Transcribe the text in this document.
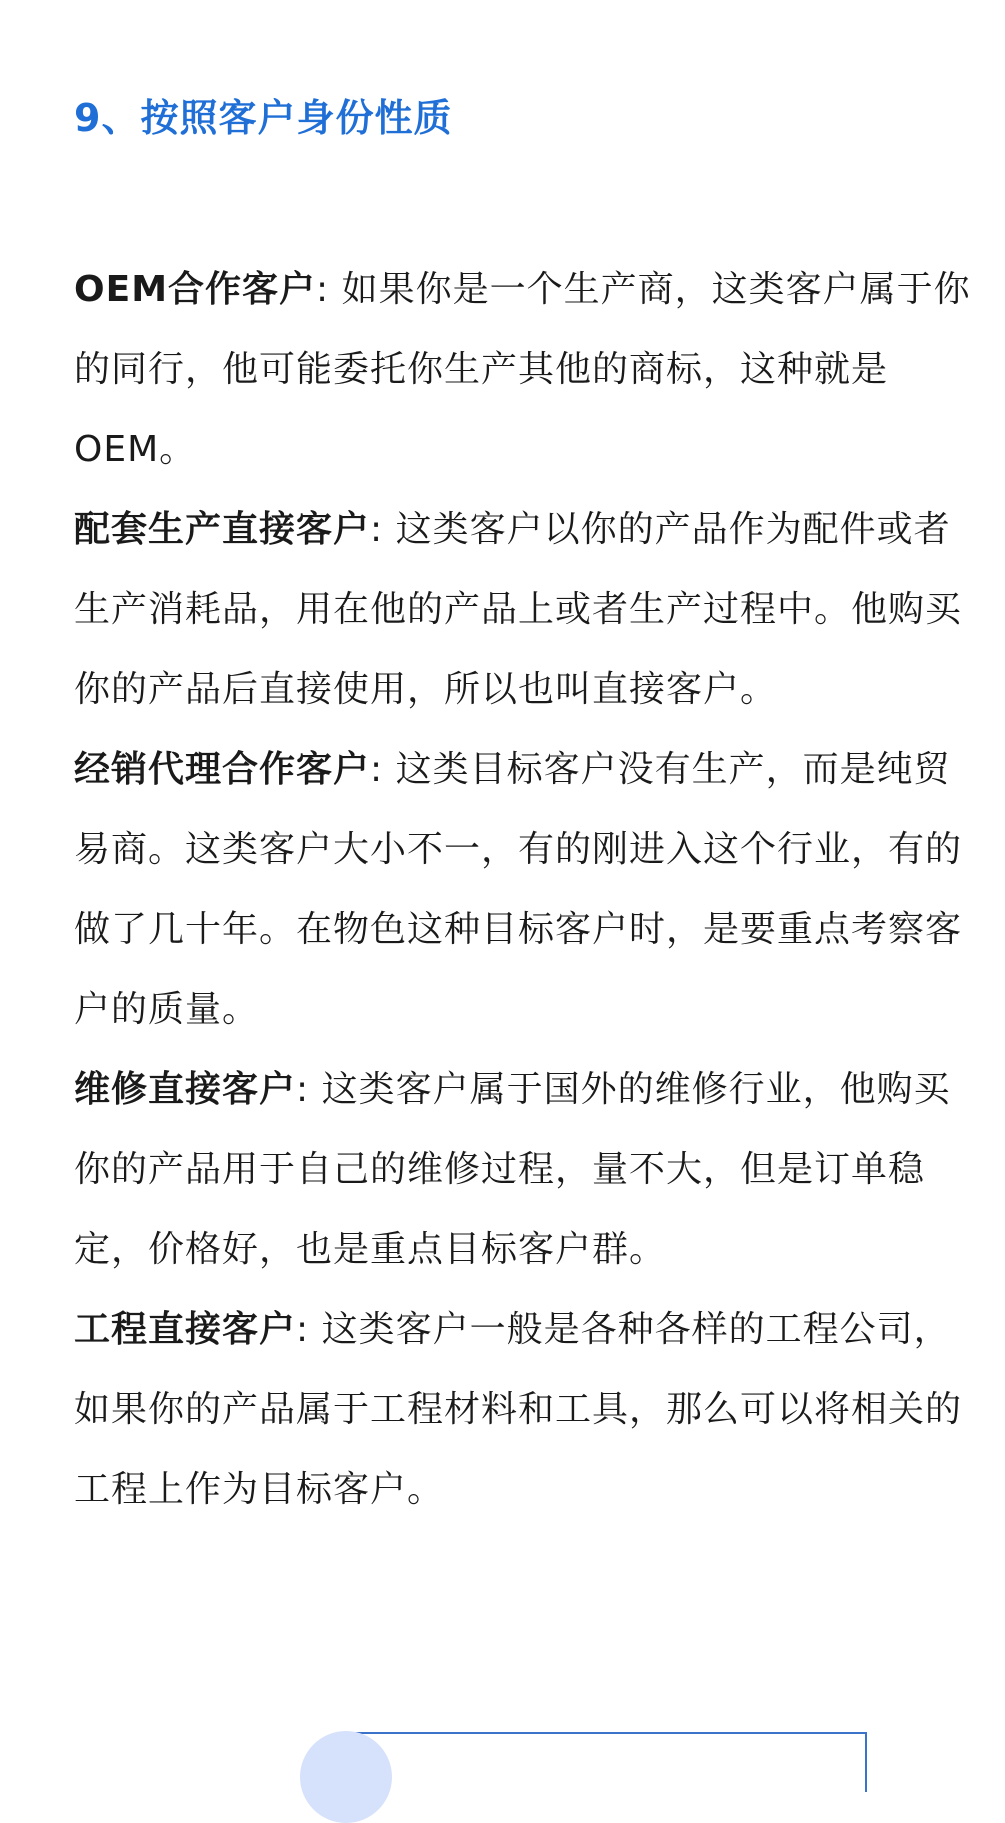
9、按照客户身份性质

OEM合作客户: 如果你是一个生产商，这类客户属于你的同行，他可能委托你生产其他的商标，这种就是OEM。

配套生产直接客户: 这类客户以你的产品作为配件或者生产消耗品，用在他的产品上或者生产过程中。他购买你的产品后直接使用，所以也叫直接客户。

经销代理合作客户: 这类目标客户没有生产，而是纯贸易商。这类客户大小不一，有的刚进入这个行业，有的做了几十年。在物色这种目标客户时，是要重点考察客户的质量。

维修直接客户: 这类客户属于国外的维修行业，他购买你的产品用于自己的维修过程，量不大，但是订单稳定，价格好，也是重点目标客户群。

工程直接客户: 这类客户一般是各种各样的工程公司，如果你的产品属于工程材料和工具，那么可以将相关的工程上作为目标客户。
